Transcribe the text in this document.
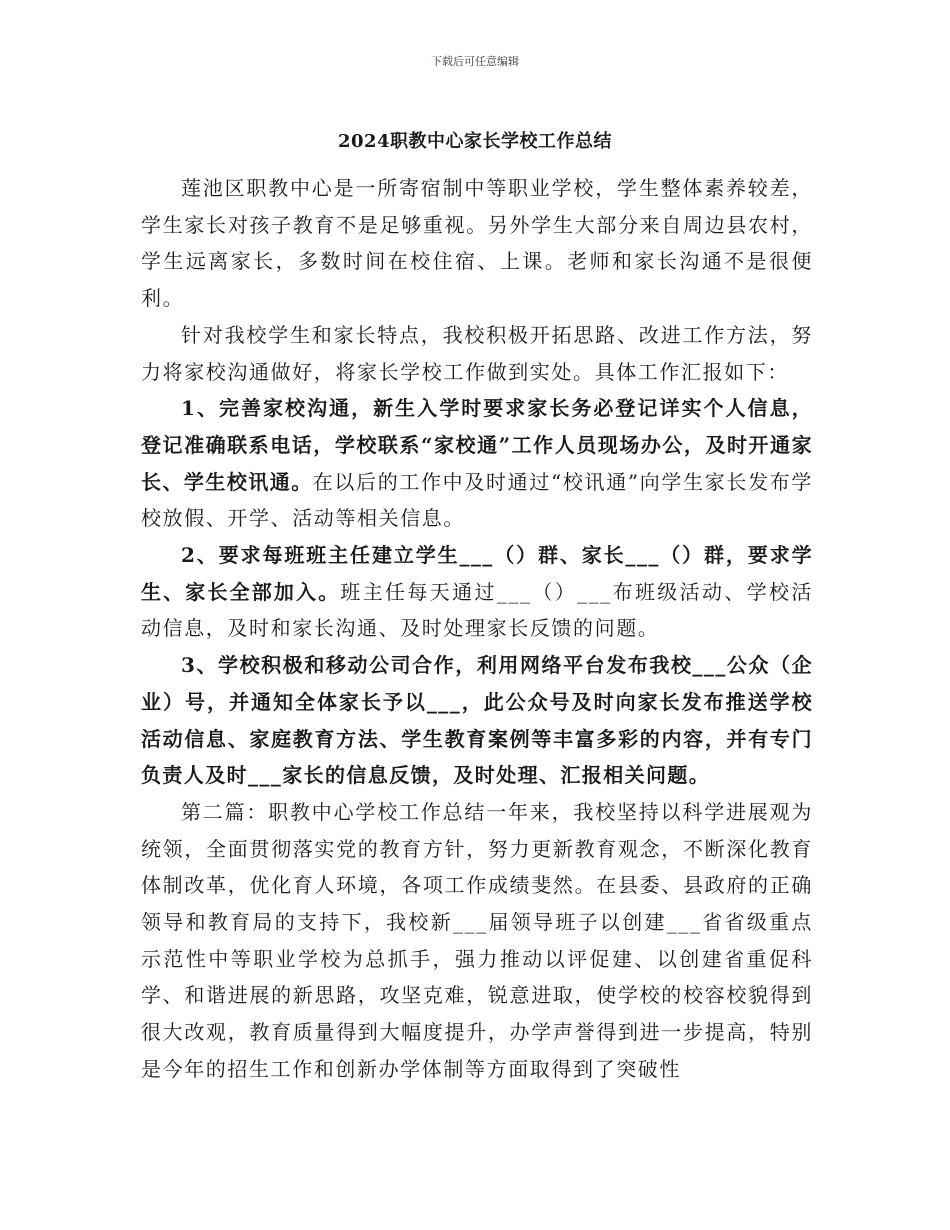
下载后可任意编辑
2024职教中心家长学校工作总结

莲池区职教中心是一所寄宿制中等职业学校，学生整体素养较差，学生家长对孩子教育不是足够重视。另外学生大部分来自周边县农村，学生远离家长，多数时间在校住宿、上课。老师和家长沟通不是很便利。

针对我校学生和家长特点，我校积极开拓思路、改进工作方法，努力将家校沟通做好，将家长学校工作做到实处。具体工作汇报如下：

1、完善家校沟通，新生入学时要求家长务必登记详实个人信息，登记准确联系电话，学校联系“家校通”工作人员现场办公，及时开通家长、学生校讯通。在以后的工作中及时通过“校讯通”向学生家长发布学校放假、开学、活动等相关信息。

2、要求每班班主任建立学生___（）群、家长___（）群，要求学生、家长全部加入。班主任每天通过___（）___布班级活动、学校活动信息，及时和家长沟通、及时处理家长反馈的问题。

3、学校积极和移动公司合作，利用网络平台发布我校___公众（企业）号，并通知全体家长予以___，此公众号及时向家长发布推送学校活动信息、家庭教育方法、学生教育案例等丰富多彩的内容，并有专门负责人及时___家长的信息反馈，及时处理、汇报相关问题。

第二篇：职教中心学校工作总结一年来，我校坚持以科学进展观为统领，全面贯彻落实党的教育方针，努力更新教育观念，不断深化教育体制改革，优化育人环境，各项工作成绩斐然。在县委、县政府的正确领导和教育局的支持下，我校新___届领导班子以创建___省省级重点示范性中等职业学校为总抓手，强力推动以评促建、以创建省重促科学、和谐进展的新思路，攻坚克难，锐意进取，使学校的校容校貌得到很大改观，教育质量得到大幅度提升，办学声誉得到进一步提高，特别是今年的招生工作和创新办学体制等方面取得到了突破性
